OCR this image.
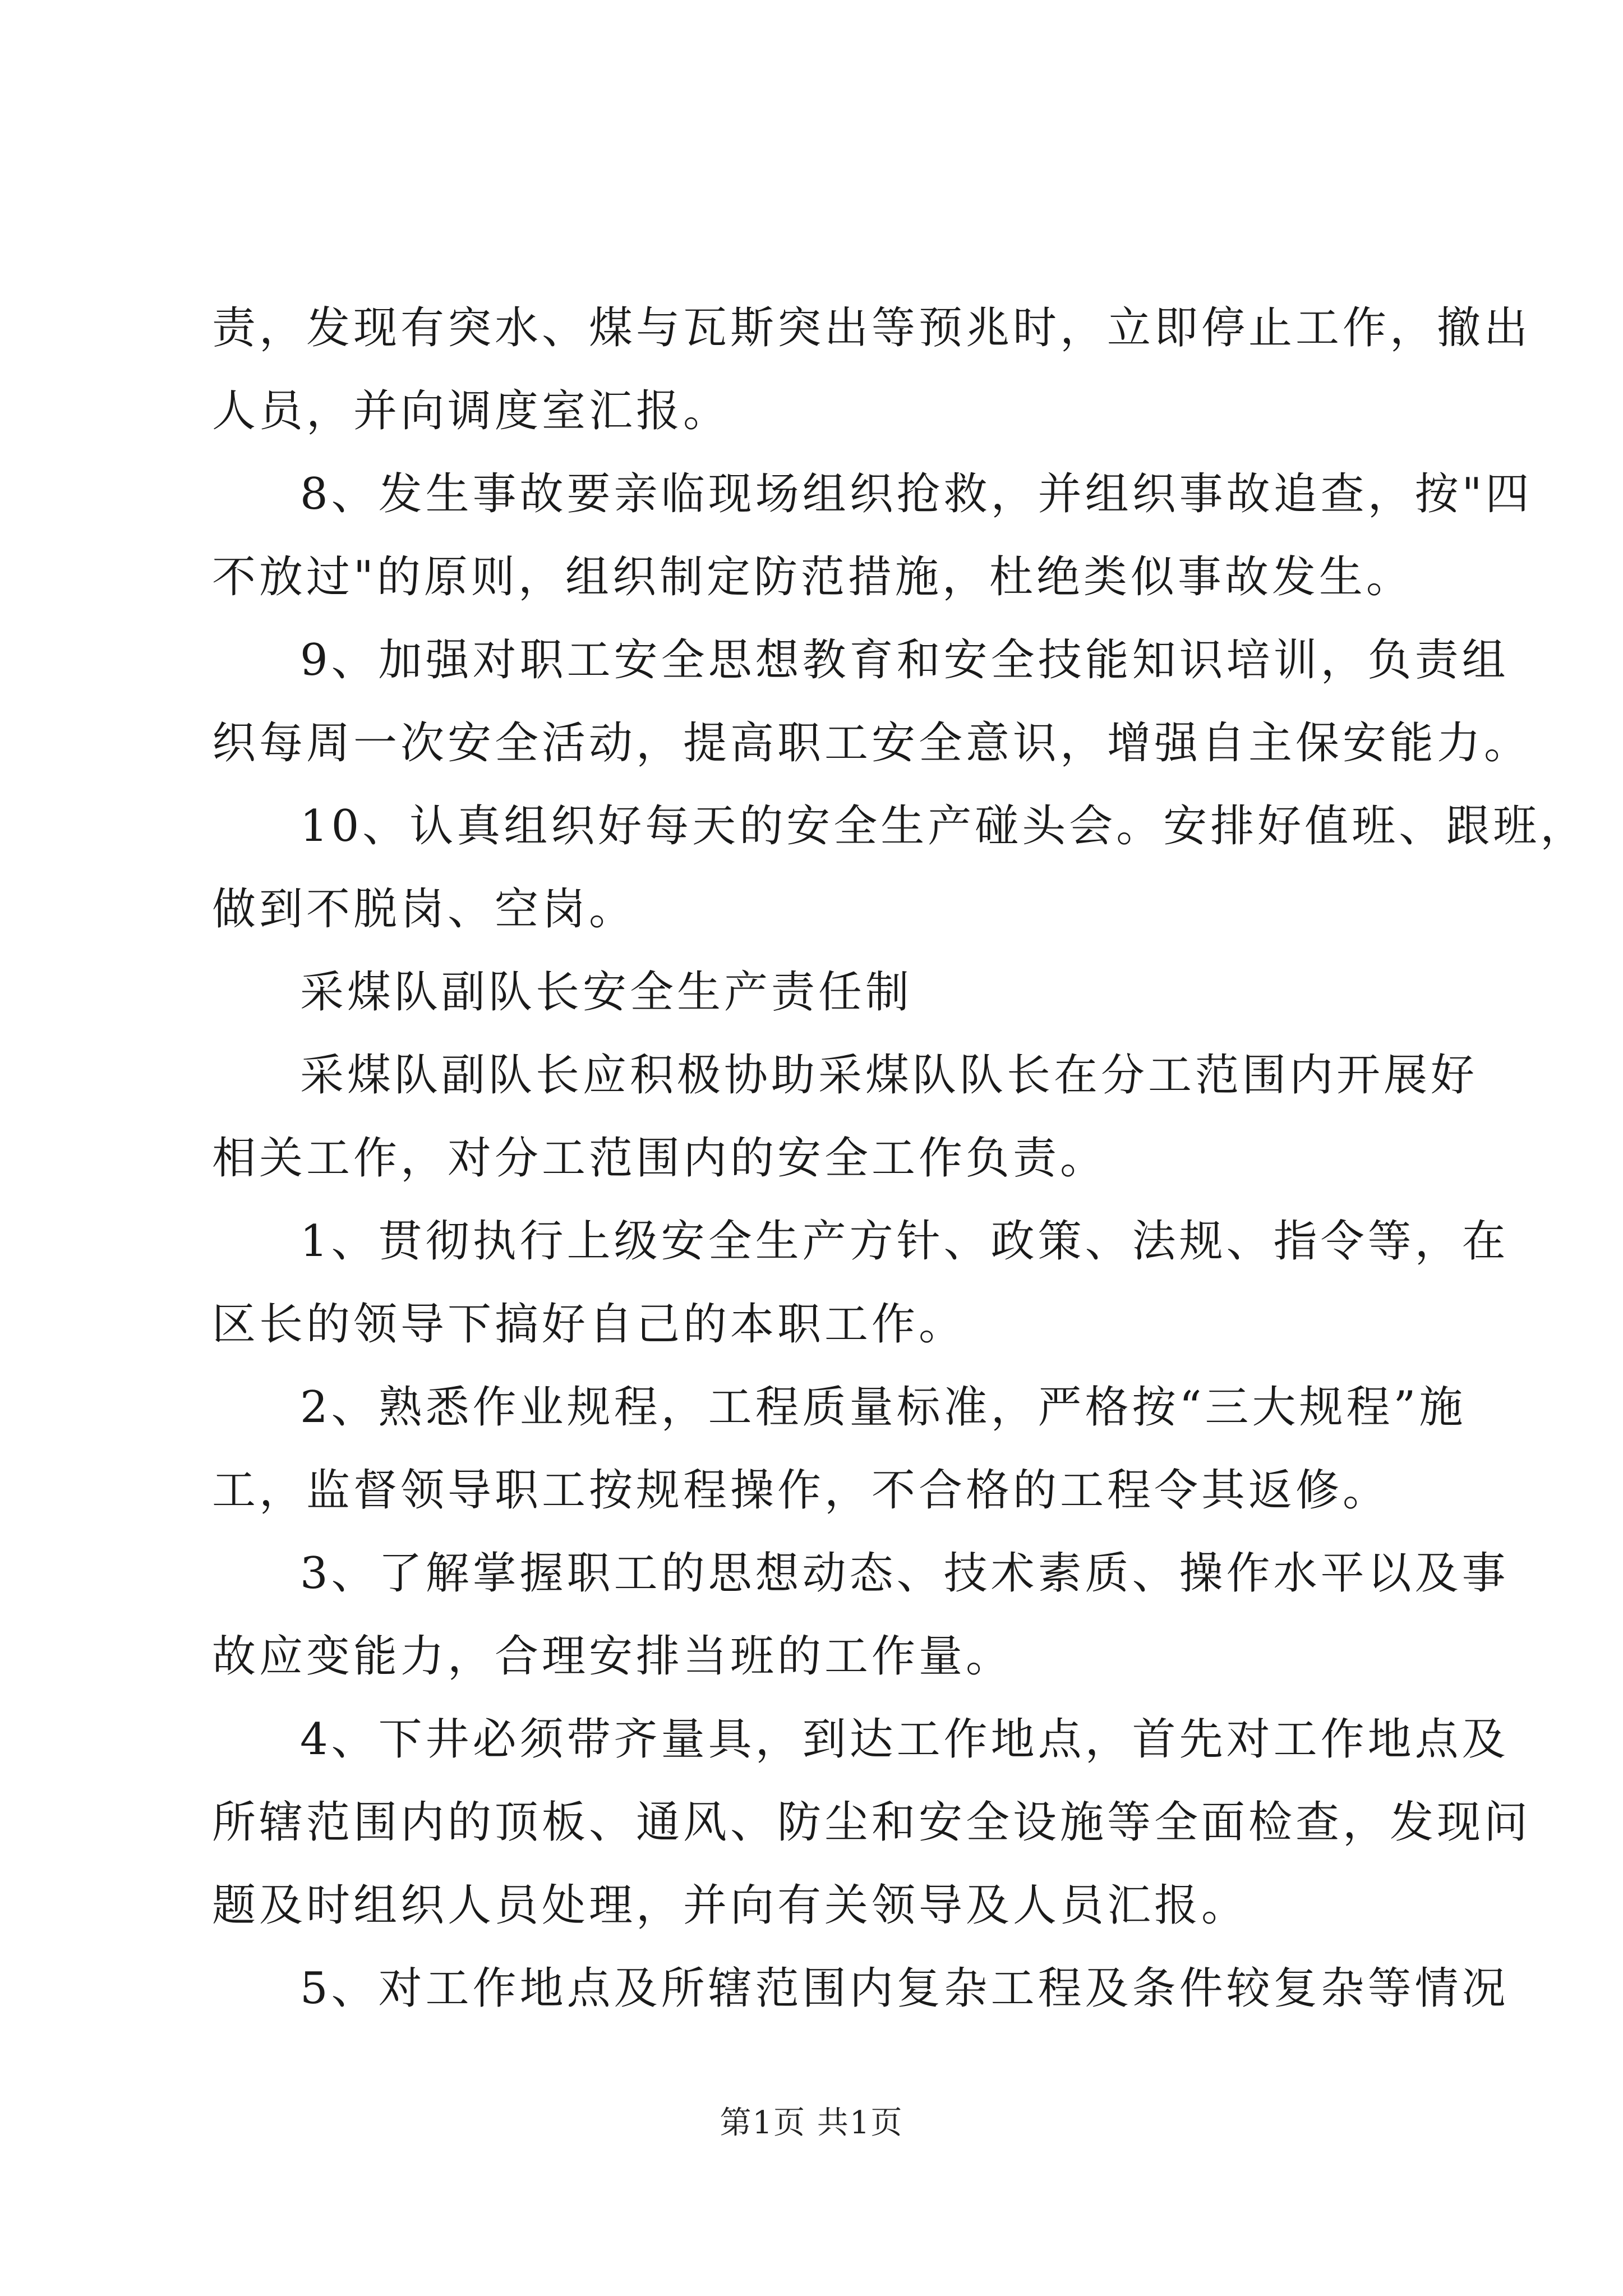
责，发现有突水、煤与瓦斯突出等预兆时，立即停止工作，撤出
人员，并向调度室汇报。
8、发生事故要亲临现场组织抢救，并组织事故追查，按"四
不放过"的原则，组织制定防范措施，杜绝类似事故发生。
9、加强对职工安全思想教育和安全技能知识培训，负责组
织每周一次安全活动，提高职工安全意识，增强自主保安能力。
10、认真组织好每天的安全生产碰头会。安排好值班、跟班，
做到不脱岗、空岗。
采煤队副队长安全生产责任制
采煤队副队长应积极协助采煤队队长在分工范围内开展好
相关工作，对分工范围内的安全工作负责。
1、贯彻执行上级安全生产方针、政策、法规、指令等，在
区长的领导下搞好自己的本职工作。
2、熟悉作业规程，工程质量标准，严格按“三大规程”施
工，监督领导职工按规程操作，不合格的工程令其返修。
3、了解掌握职工的思想动态、技术素质、操作水平以及事
故应变能力，合理安排当班的工作量。
4、下井必须带齐量具，到达工作地点，首先对工作地点及
所辖范围内的顶板、通风、防尘和安全设施等全面检查，发现问
题及时组织人员处理，并向有关领导及人员汇报。
5、对工作地点及所辖范围内复杂工程及条件较复杂等情况
第1页 共1页
